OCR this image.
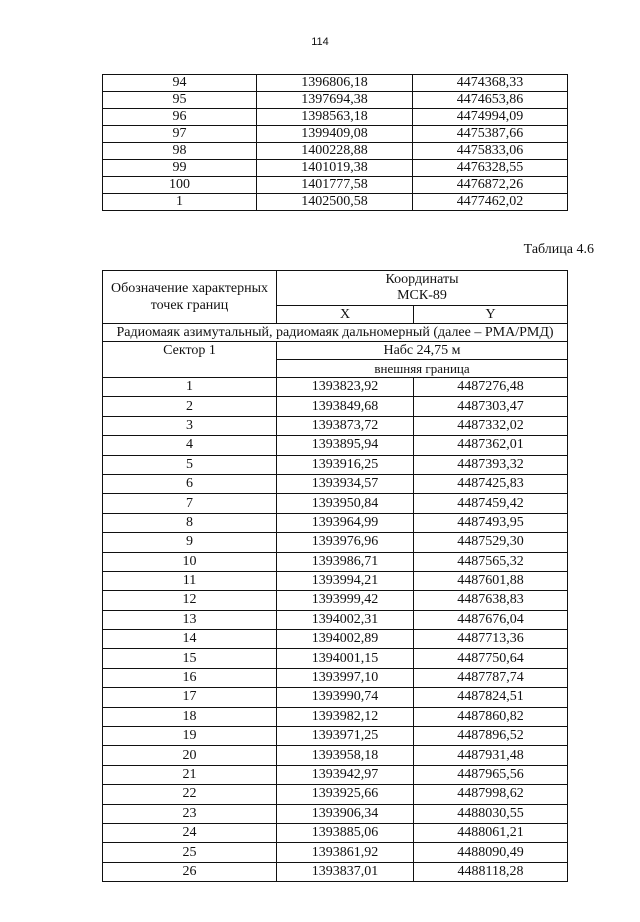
114
94	1396806,18	4474368,33
95	1397694,38	4474653,86
96	1398563,18	4474994,09
97	1399409,08	4475387,66
98	1400228,88	4475833,06
99	1401019,38	4476328,55
100	1401777,58	4476872,26
1	1402500,58	4477462,02
Таблица 4.6
Обозначение характерных точек границ	Координаты
МСК-89	

	X	Y
Радиомаяк азимутальный, радиомаяк дальномерный (далее – РМА/РМД)		
Сектор 1	Набс 24,75 м	
	внешняя граница	
1	1393823,92	4487276,48
2	1393849,68	4487303,47
3	1393873,72	4487332,02
4	1393895,94	4487362,01
5	1393916,25	4487393,32
6	1393934,57	4487425,83
7	1393950,84	4487459,42
8	1393964,99	4487493,95
9	1393976,96	4487529,30
10	1393986,71	4487565,32
11	1393994,21	4487601,88
12	1393999,42	4487638,83
13	1394002,31	4487676,04
14	1394002,89	4487713,36
15	1394001,15	4487750,64
16	1393997,10	4487787,74
17	1393990,74	4487824,51
18	1393982,12	4487860,82
19	1393971,25	4487896,52
20	1393958,18	4487931,48
21	1393942,97	4487965,56
22	1393925,66	4487998,62
23	1393906,34	4488030,55
24	1393885,06	4488061,21
25	1393861,92	4488090,49
26	1393837,01	4488118,28
